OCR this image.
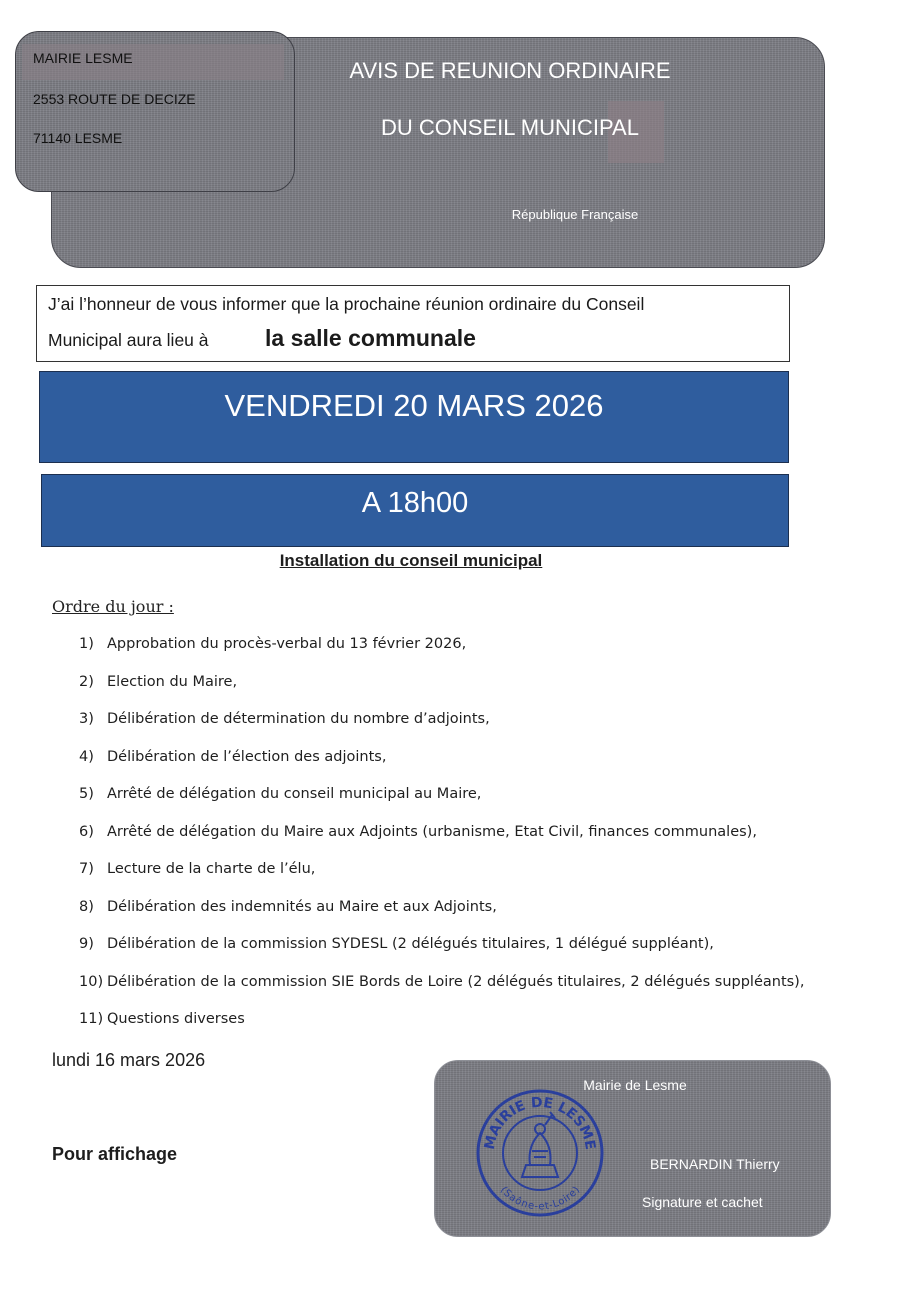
AVIS DE REUNION ORDINAIRE
DU CONSEIL MUNICIPAL
République Française
MAIRIE LESME
2553 ROUTE DE DECIZE
71140 LESME
J’ai l’honneur de vous informer que la prochaine réunion ordinaire du Conseil
Municipal aura lieu à la salle communale
VENDREDI 20 MARS 2026
A 18h00
Installation du conseil municipal
Ordre du jour :
1) Approbation du procès-verbal du 13 février 2026,
2) Election du Maire,
3) Délibération de détermination du nombre d’adjoints,
4) Délibération de l’élection des adjoints,
5) Arrêté de délégation du conseil municipal au Maire,
6) Arrêté de délégation du Maire aux Adjoints (urbanisme, Etat Civil, finances communales),
7) Lecture de la charte de l’élu,
8) Délibération des indemnités au Maire et aux Adjoints,
9) Délibération de la commission SYDESL (2 délégués titulaires, 1 délégué suppléant),
10) Délibération de la commission SIE Bords de Loire (2 délégués titulaires, 2 délégués suppléants),
11) Questions diverses
lundi 16 mars 2026
Pour affichage
Mairie de Lesme
BERNARDIN Thierry
Signature et cachet
MAIRIE DE LESME
(Saône-et-Loire)
